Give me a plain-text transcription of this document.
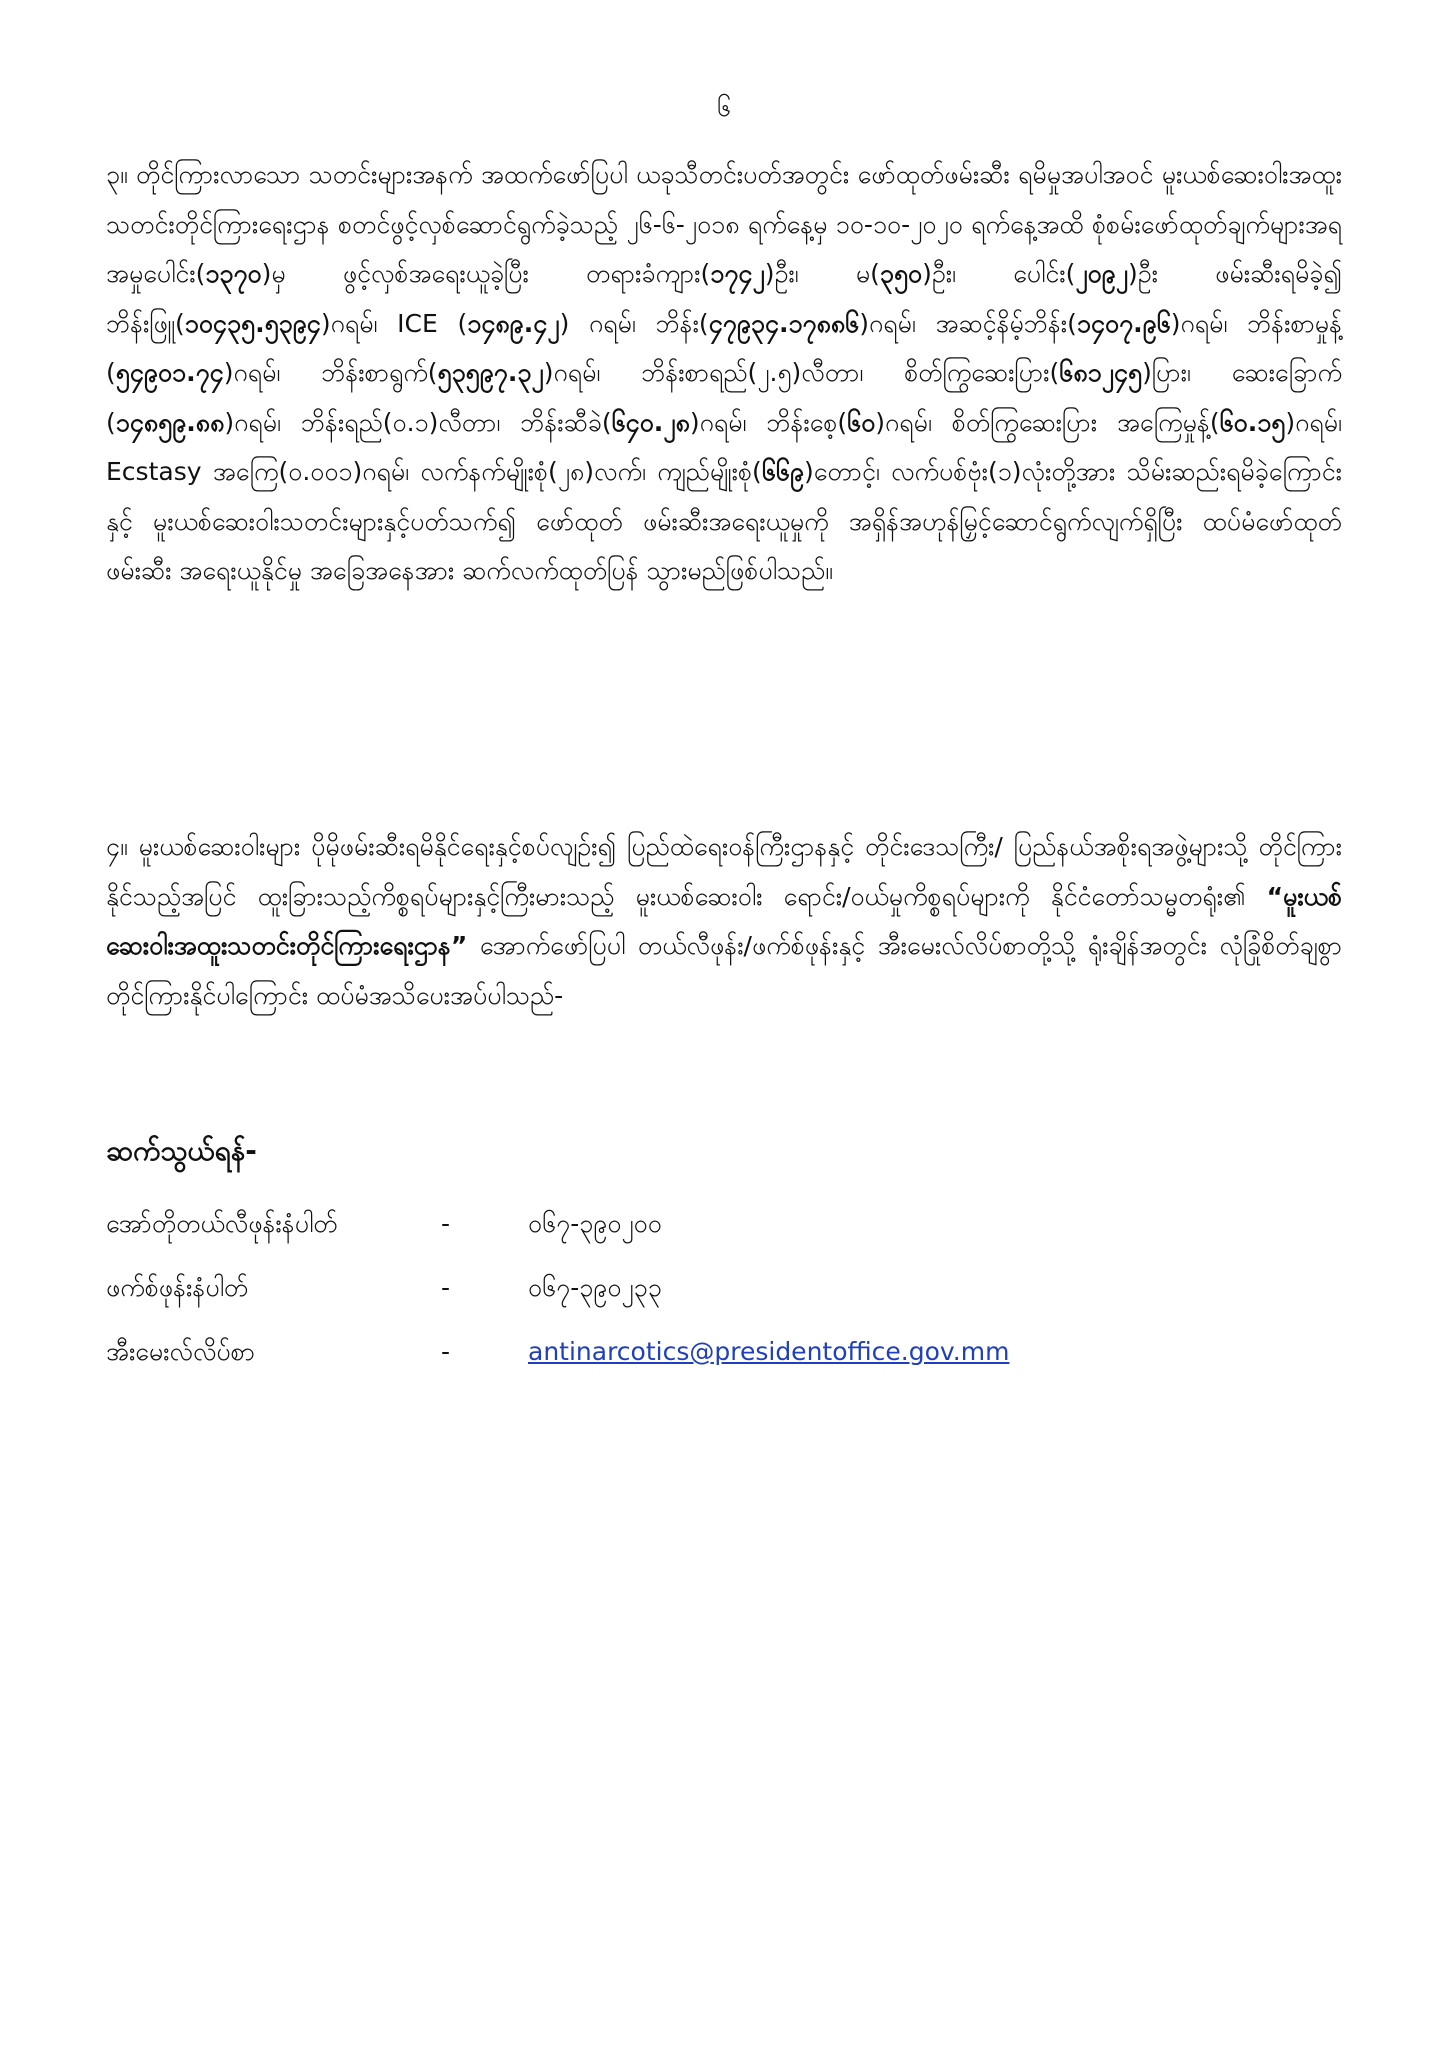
၆

၃။ တိုင်ကြားလာသော သတင်းများအနက် အထက်ဖော်ပြပါ ယခုသီတင်းပတ်အတွင်း ဖော်ထုတ်ဖမ်းဆီး ရမိမှုအပါအဝင် မူးယစ်ဆေးဝါးအထူးသတင်းတိုင်ကြားရေးဌာန စတင်ဖွင့်လှစ်ဆောင်ရွက်ခဲ့သည့် ၂၆-၆-၂၀၁၈ ရက်နေ့မှ ၁၀-၁၀-၂၀၂၀ ရက်နေ့အထိ စုံစမ်းဖော်ထုတ်ချက်များအရ အမှုပေါင်း(၁၃၇၀)မှ ဖွင့်လှစ်အရေးယူခဲ့ပြီး တရားခံကျား(၁၇၄၂)ဦး၊ မ(၃၅၀)ဦး၊ ပေါင်း(၂၀၉၂)ဦး ဖမ်းဆီးရမိခဲ့၍ ဘိန်းဖြူ(၁၀၄၃၅.၅၃၉၄)ဂရမ်၊ ICE (၁၄၈၉.၄၂) ဂရမ်၊ ဘိန်း(၄၇၉၃၄.၁၇၈၈၆)ဂရမ်၊ အဆင့်နိမ့်ဘိန်း(၁၄၀၇.၉၆)ဂရမ်၊ ဘိန်းစာမှုန့် (၅၄၉၀၁.၇၄)ဂရမ်၊ ဘိန်းစာရွက်(၅၃၅၉၇.၃၂)ဂရမ်၊ ဘိန်းစာရည်(၂.၅)လီတာ၊ စိတ်ကြွဆေးပြား(၆၈၁၂၄၅)ပြား၊ ဆေးခြောက် (၁၄၈၅၉.၈၈)ဂရမ်၊ ဘိန်းရည်(၀.၁)လီတာ၊ ဘိန်းဆီခဲ(၆၄၀.၂၈)ဂရမ်၊ ဘိန်းစေ့(၆၀)ဂရမ်၊ စိတ်ကြွဆေးပြား အကြေမှုန့်(၆၀.၁၅)ဂရမ်၊ Ecstasy အကြေ(၀.၀၀၁)ဂရမ်၊ လက်နက်မျိုးစုံ(၂၈)လက်၊ ကျည်မျိုးစုံ(၆၆၉)တောင့်၊ လက်ပစ်ဗုံး(၁)လုံးတို့အား သိမ်းဆည်းရမိခဲ့ကြောင်းနှင့် မူးယစ်ဆေးဝါးသတင်းများနှင့်ပတ်သက်၍ ဖော်ထုတ် ဖမ်းဆီးအရေးယူမှုကို အရှိန်အဟုန်မြှင့်ဆောင်ရွက်လျက်ရှိပြီး ထပ်မံဖော်ထုတ်ဖမ်းဆီး အရေးယူနိုင်မှု အခြေအနေအား ဆက်လက်ထုတ်ပြန် သွားမည်ဖြစ်ပါသည်။

၄။ မူးယစ်ဆေးဝါးများ ပိုမိုဖမ်းဆီးရမိနိုင်ရေးနှင့်စပ်လျဉ်း၍ ပြည်ထဲရေးဝန်ကြီးဌာနနှင့် တိုင်းဒေသကြီး/ ပြည်နယ်အစိုးရအဖွဲ့များသို့ တိုင်ကြားနိုင်သည့်အပြင် ထူးခြားသည့်ကိစ္စရပ်များနှင့်ကြီးမားသည့် မူးယစ်ဆေးဝါး ရောင်း/ဝယ်မှုကိစ္စရပ်များကို နိုင်ငံတော်သမ္မတရုံး၏ “မူးယစ်ဆေးဝါးအထူးသတင်းတိုင်ကြားရေးဌာန” အောက်ဖော်ပြပါ တယ်လီဖုန်း/ဖက်စ်ဖုန်းနှင့် အီးမေးလ်လိပ်စာတို့သို့ ရုံးချိန်အတွင်း လုံခြုံစိတ်ချစွာ တိုင်ကြားနိုင်ပါကြောင်း ထပ်မံအသိပေးအပ်ပါသည်-

ဆက်သွယ်ရန်-
အော်တိုတယ်လီဖုန်းနံပါတ်	-	၀၆၇-၃၉၀၂၀၀
ဖက်စ်ဖုန်းနံပါတ်	-	၀၆၇-၃၉၀၂၃၃
အီးမေးလ်လိပ်စာ	-	antinarcotics@presidentoffice.gov.mm
